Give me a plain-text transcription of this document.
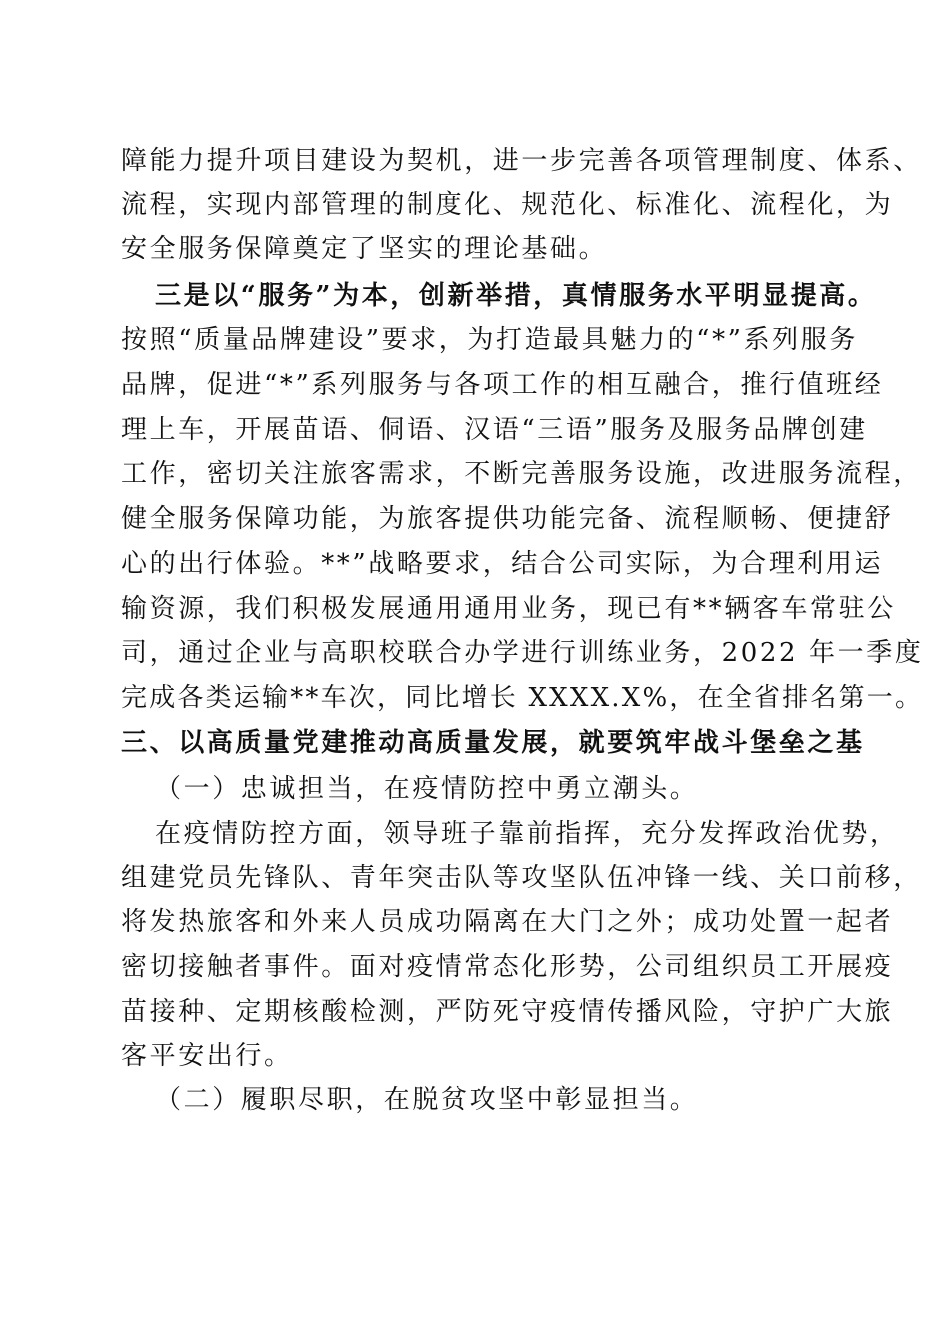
障能力提升项目建设为契机，进一步完善各项管理制度、体系、
流程，实现内部管理的制度化、规范化、标准化、流程化，为
安全服务保障奠定了坚实的理论基础。
三是以“服务”为本，创新举措，真情服务水平明显提高。
按照“质量品牌建设”要求，为打造最具魅力的“*”系列服务
品牌，促进“*”系列服务与各项工作的相互融合，推行值班经
理上车，开展苗语、侗语、汉语“三语”服务及服务品牌创建
工作，密切关注旅客需求，不断完善服务设施，改进服务流程，
健全服务保障功能，为旅客提供功能完备、流程顺畅、便捷舒
心的出行体验。**”战略要求，结合公司实际，为合理利用运
输资源，我们积极发展通用通用业务，现已有**辆客车常驻公
司，通过企业与高职校联合办学进行训练业务，2022 年一季度
完成各类运输**车次，同比增长 XXXX.X%，在全省排名第一。
三、以高质量党建推动高质量发展，就要筑牢战斗堡垒之基
（一）忠诚担当，在疫情防控中勇立潮头。
在疫情防控方面，领导班子靠前指挥，充分发挥政治优势，
组建党员先锋队、青年突击队等攻坚队伍冲锋一线、关口前移，
将发热旅客和外来人员成功隔离在大门之外；成功处置一起者
密切接触者事件。面对疫情常态化形势，公司组织员工开展疫
苗接种、定期核酸检测，严防死守疫情传播风险，守护广大旅
客平安出行。
（二）履职尽职，在脱贫攻坚中彰显担当。
